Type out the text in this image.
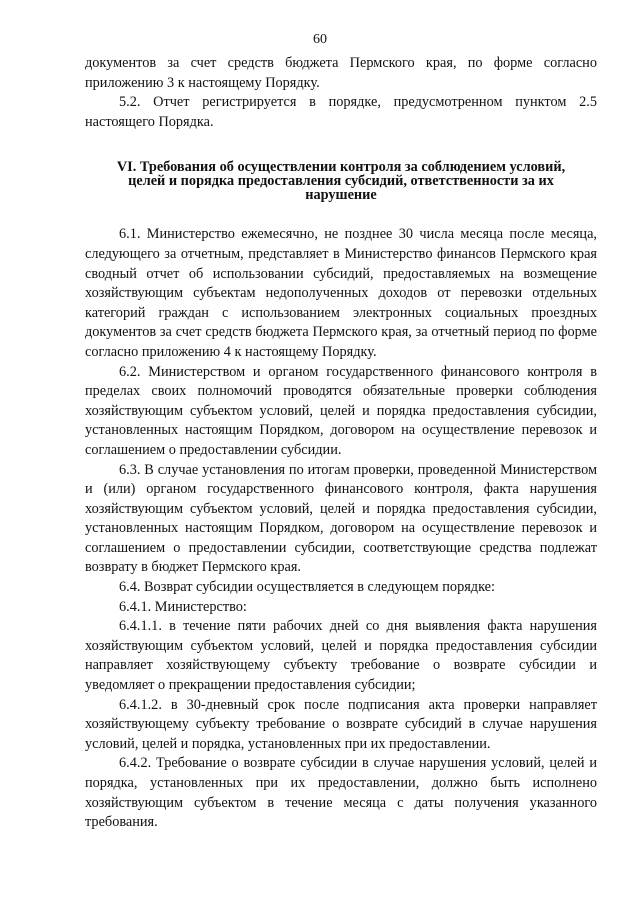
60

документов за счет средств бюджета Пермского края, по форме согласно приложению 3 к настоящему Порядку.

5.2. Отчет регистрируется в порядке, предусмотренном пунктом 2.5 настоящего Порядка.

VI. Требования об осуществлении контроля за соблюдением условий,
целей и порядка предоставления субсидий, ответственности за их
нарушение

6.1. Министерство ежемесячно, не позднее 30 числа месяца после месяца, следующего за отчетным, представляет в Министерство финансов Пермского края сводный отчет об использовании субсидий, предоставляемых на возмещение хозяйствующим субъектам недополученных доходов от перевозки отдельных категорий граждан с использованием электронных социальных проездных документов за счет средств бюджета Пермского края, за отчетный период по форме согласно приложению 4 к настоящему Порядку.

6.2. Министерством и органом государственного финансового контроля в пределах своих полномочий проводятся обязательные проверки соблюдения хозяйствующим субъектом условий, целей и порядка предоставления субсидии, установленных настоящим Порядком, договором на осуществление перевозок и соглашением о предоставлении субсидии.

6.3. В случае установления по итогам проверки, проведенной Министерством и (или) органом государственного финансового контроля, факта нарушения хозяйствующим субъектом условий, целей и порядка предоставления субсидии, установленных настоящим Порядком, договором на осуществление перевозок и соглашением о предоставлении субсидии, соответствующие средства подлежат возврату в бюджет Пермского края.

6.4. Возврат субсидии осуществляется в следующем порядке:

6.4.1. Министерство:

6.4.1.1. в течение пяти рабочих дней со дня выявления факта нарушения хозяйствующим субъектом условий, целей и порядка предоставления субсидии направляет хозяйствующему субъекту требование о возврате субсидии и уведомляет о прекращении предоставления субсидии;

6.4.1.2. в 30-дневный срок после подписания акта проверки направляет хозяйствующему субъекту требование о возврате субсидий в случае нарушения условий, целей и порядка, установленных при их предоставлении.

6.4.2. Требование о возврате субсидии в случае нарушения условий, целей и порядка, установленных при их предоставлении, должно быть исполнено хозяйствующим субъектом в течение месяца с даты получения указанного требования.
